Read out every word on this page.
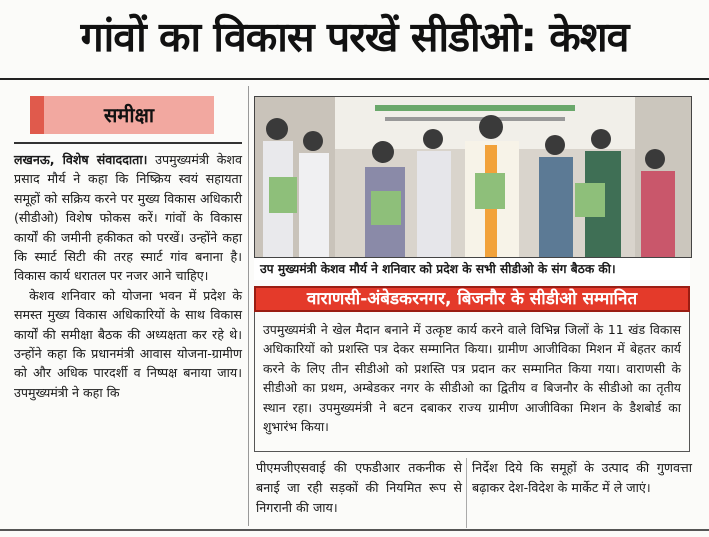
गांवों का विकास परखें सीडीओ: केशव
समीक्षा

लखनऊ, विशेष संवाददाता। उपमुख्यमंत्री केशव प्रसाद मौर्य ने कहा कि निष्क्रिय स्वयं सहायता समूहों को सक्रिय करने पर मुख्य विकास अधिकारी (सीडीओ) विशेष फोकस करें। गांवों के विकास कार्यों की जमीनी हकीकत को परखें। उन्होंने कहा कि स्मार्ट सिटी की तरह स्मार्ट गांव बनाना है। विकास कार्य धरातल पर नजर आने चाहिए।

केशव शनिवार को योजना भवन में प्रदेश के समस्त मुख्य विकास अधिकारियों के साथ विकास कार्यों की समीक्षा बैठक की अध्यक्षता कर रहे थे। उन्होंने कहा कि प्रधानमंत्री आवास योजना-ग्रामीण को और अधिक पारदर्शी व निष्पक्ष बनाया जाय। उपमुख्यमंत्री ने कहा कि

उप मुख्यमंत्री केशव मौर्य ने शनिवार को प्रदेश के सभी सीडीओ के संग बैठक की।
वाराणसी-अंबेडकरनगर, बिजनौर के सीडीओ सम्मानित
उपमुख्यमंत्री ने खेल मैदान बनाने में उत्कृष्ट कार्य करने वाले विभिन्न जिलों के 11 खंड विकास अधिकारियों को प्रशस्ति पत्र देकर सम्मानित किया। ग्रामीण आजीविका मिशन में बेहतर कार्य करने के लिए तीन सीडीओ को प्रशस्ति पत्र प्रदान कर सम्मानित किया गया। वाराणसी के सीडीओ का प्रथम, अम्बेडकर नगर के सीडीओ का द्वितीय व बिजनौर के सीडीओ का तृतीय स्थान रहा। उपमुख्यमंत्री ने बटन दबाकर राज्य ग्रामीण आजीविका मिशन के डैशबोर्ड का शुभारंभ किया।
पीएमजीएसवाई की एफडीआर तकनीक से बनाई जा रही सड़कों की नियमित रूप से निगरानी की जाय।
निर्देश दिये कि समूहों के उत्पाद की गुणवत्ता बढ़ाकर देश-विदेश के मार्केट में ले जाएं।
